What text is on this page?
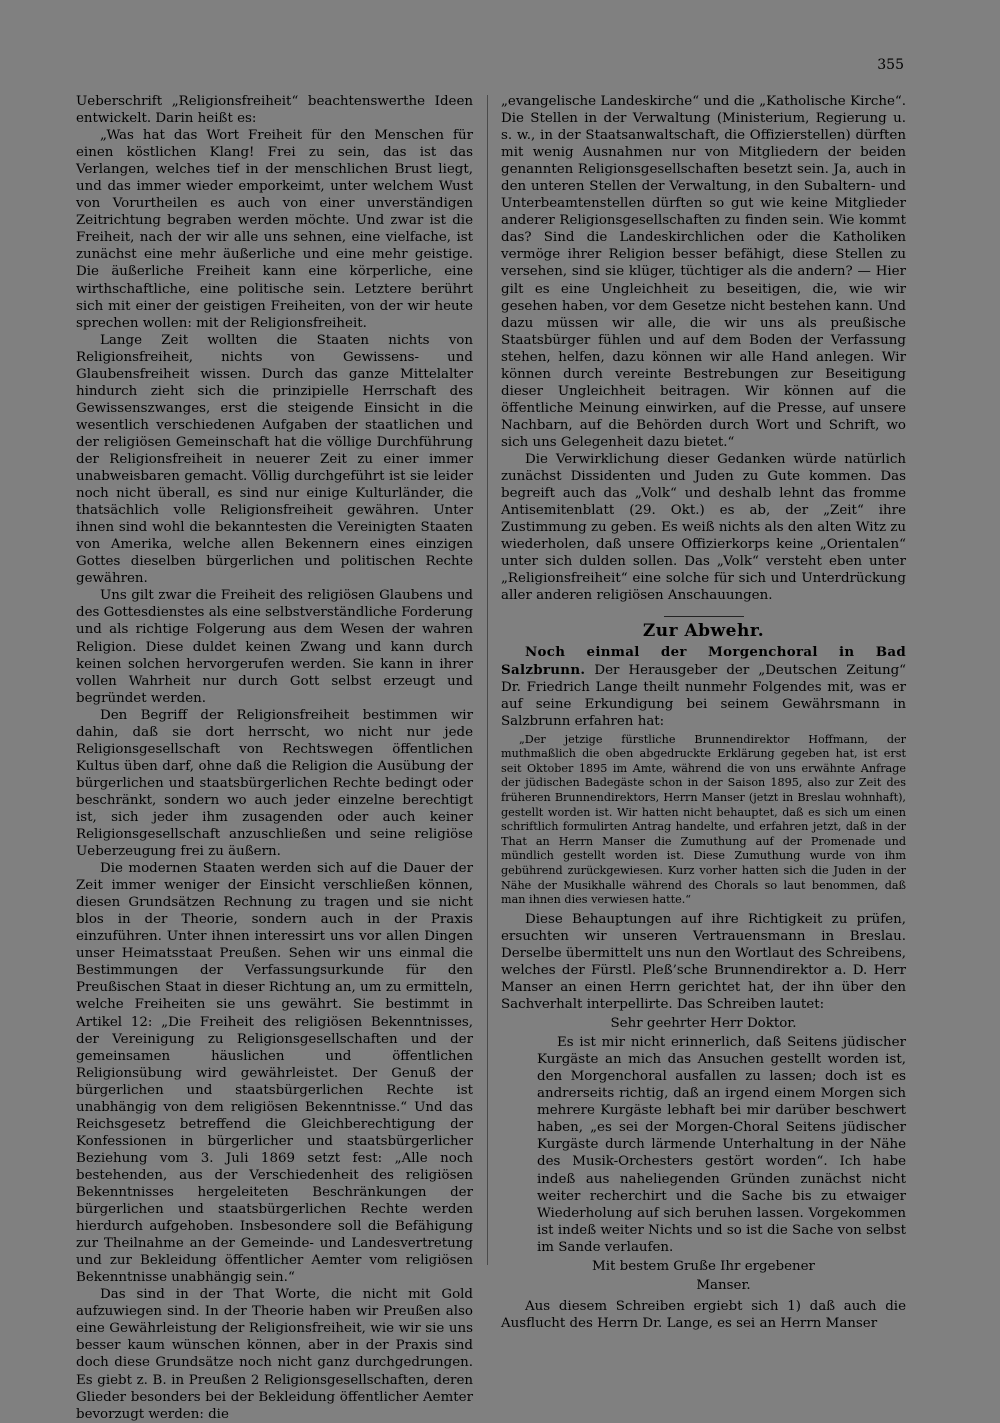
355

Ueberschrift „Religionsfreiheit“ beachtenswerthe Ideen entwickelt. Darin heißt es:

„Was hat das Wort Freiheit für den Menschen für einen köstlichen Klang! Frei zu sein, das ist das Verlangen, welches tief in der menschlichen Brust liegt, und das immer wieder emporkeimt, unter welchem Wust von Vorurtheilen es auch von einer unverständigen Zeitrichtung begraben werden möchte. Und zwar ist die Freiheit, nach der wir alle uns sehnen, eine vielfache, ist zunächst eine mehr äußerliche und eine mehr geistige. Die äußerliche Freiheit kann eine körperliche, eine wirthschaftliche, eine politische sein. Letztere berührt sich mit einer der geistigen Freiheiten, von der wir heute sprechen wollen: mit der Religionsfreiheit.

Lange Zeit wollten die Staaten nichts von Religionsfreiheit, nichts von Gewissens- und Glaubensfreiheit wissen. Durch das ganze Mittelalter hindurch zieht sich die prinzipielle Herrschaft des Gewissenszwanges, erst die steigende Einsicht in die wesentlich verschiedenen Aufgaben der staatlichen und der religiösen Gemeinschaft hat die völlige Durchführung der Religionsfreiheit in neuerer Zeit zu einer immer unabweisbaren gemacht. Völlig durchgeführt ist sie leider noch nicht überall, es sind nur einige Kulturländer, die thatsächlich volle Religionsfreiheit gewähren. Unter ihnen sind wohl die bekanntesten die Vereinigten Staaten von Amerika, welche allen Bekennern eines einzigen Gottes dieselben bürgerlichen und politischen Rechte gewähren.

Uns gilt zwar die Freiheit des religiösen Glaubens und des Gottesdienstes als eine selbstverständliche Forderung und als richtige Folgerung aus dem Wesen der wahren Religion. Diese duldet keinen Zwang und kann durch keinen solchen hervorgerufen werden. Sie kann in ihrer vollen Wahrheit nur durch Gott selbst erzeugt und begründet werden.

Den Begriff der Religionsfreiheit bestimmen wir dahin, daß sie dort herrscht, wo nicht nur jede Religionsgesellschaft von Rechtswegen öffentlichen Kultus üben darf, ohne daß die Religion die Ausübung der bürgerlichen und staatsbürgerlichen Rechte bedingt oder beschränkt, sondern wo auch jeder einzelne berechtigt ist, sich jeder ihm zusagenden oder auch keiner Religionsgesellschaft anzuschließen und seine religiöse Ueberzeugung frei zu äußern.

Die modernen Staaten werden sich auf die Dauer der Zeit immer weniger der Einsicht verschließen können, diesen Grundsätzen Rechnung zu tragen und sie nicht blos in der Theorie, sondern auch in der Praxis einzuführen. Unter ihnen interessirt uns vor allen Dingen unser Heimatsstaat Preußen. Sehen wir uns einmal die Bestimmungen der Verfassungsurkunde für den Preußischen Staat in dieser Richtung an, um zu ermitteln, welche Freiheiten sie uns gewährt. Sie bestimmt in Artikel 12: „Die Freiheit des religiösen Bekenntnisses, der Vereinigung zu Religionsgesellschaften und der gemeinsamen häuslichen und öffentlichen Religionsübung wird gewährleistet. Der Genuß der bürgerlichen und staatsbürgerlichen Rechte ist unabhängig von dem religiösen Bekenntnisse.“ Und das Reichsgesetz betreffend die Gleichberechtigung der Konfessionen in bürgerlicher und staatsbürgerlicher Beziehung vom 3. Juli 1869 setzt fest: „Alle noch bestehenden, aus der Verschiedenheit des religiösen Bekenntnisses hergeleiteten Beschränkungen der bürgerlichen und staatsbürgerlichen Rechte werden hierdurch aufgehoben. Insbesondere soll die Befähigung zur Theilnahme an der Gemeinde- und Landesvertretung und zur Bekleidung öffentlicher Aemter vom religiösen Bekenntnisse unabhängig sein.“

Das sind in der That Worte, die nicht mit Gold aufzuwiegen sind. In der Theorie haben wir Preußen also eine Gewährleistung der Religionsfreiheit, wie wir sie uns besser kaum wünschen können, aber in der Praxis sind doch diese Grundsätze noch nicht ganz durchgedrungen. Es giebt z. B. in Preußen 2 Religionsgesellschaften, deren Glieder besonders bei der Bekleidung öffentlicher Aemter bevorzugt werden: die

„evangelische Landeskirche“ und die „Katholische Kirche“. Die Stellen in der Verwaltung (Ministerium, Regierung u. s. w., in der Staatsanwaltschaft, die Offizierstellen) dürften mit wenig Ausnahmen nur von Mitgliedern der beiden genannten Religionsgesellschaften besetzt sein. Ja, auch in den unteren Stellen der Verwaltung, in den Subaltern- und Unterbeamtenstellen dürften so gut wie keine Mitglieder anderer Religionsgesellschaften zu finden sein. Wie kommt das? Sind die Landeskirchlichen oder die Katholiken vermöge ihrer Religion besser befähigt, diese Stellen zu versehen, sind sie klüger, tüchtiger als die andern? — Hier gilt es eine Ungleichheit zu beseitigen, die, wie wir gesehen haben, vor dem Gesetze nicht bestehen kann. Und dazu müssen wir alle, die wir uns als preußische Staatsbürger fühlen und auf dem Boden der Verfassung stehen, helfen, dazu können wir alle Hand anlegen. Wir können durch vereinte Bestrebungen zur Beseitigung dieser Ungleichheit beitragen. Wir können auf die öffentliche Meinung einwirken, auf die Presse, auf unsere Nachbarn, auf die Behörden durch Wort und Schrift, wo sich uns Gelegenheit dazu bietet.“

Die Verwirklichung dieser Gedanken würde natürlich zunächst Dissidenten und Juden zu Gute kommen. Das begreift auch das „Volk“ und deshalb lehnt das fromme Antisemitenblatt (29. Okt.) es ab, der „Zeit“ ihre Zustimmung zu geben. Es weiß nichts als den alten Witz zu wiederholen, daß unsere Offizierkorps keine „Orientalen“ unter sich dulden sollen. Das „Volk“ versteht eben unter „Religionsfreiheit“ eine solche für sich und Unterdrückung aller anderen religiösen Anschauungen.

Zur Abwehr.

Noch einmal der Morgenchoral in Bad Salzbrunn. Der Herausgeber der „Deutschen Zeitung“ Dr. Friedrich Lange theilt nunmehr Folgendes mit, was er auf seine Erkundigung bei seinem Gewährsmann in Salzbrunn erfahren hat:

„Der jetzige fürstliche Brunnendirektor Hoffmann, der muthmaßlich die oben abgedruckte Erklärung gegeben hat, ist erst seit Oktober 1895 im Amte, während die von uns erwähnte Anfrage der jüdischen Badegäste schon in der Saison 1895, also zur Zeit des früheren Brunnendirektors, Herrn Manser (jetzt in Breslau wohnhaft), gestellt worden ist. Wir hatten nicht behauptet, daß es sich um einen schriftlich formulirten Antrag handelte, und erfahren jetzt, daß in der That an Herrn Manser die Zumuthung auf der Promenade und mündlich gestellt worden ist. Diese Zumuthung wurde von ihm gebührend zurückgewiesen. Kurz vorher hatten sich die Juden in der Nähe der Musikhalle während des Chorals so laut benommen, daß man ihnen dies verwiesen hatte.“

Diese Behauptungen auf ihre Richtigkeit zu prüfen, ersuchten wir unseren Vertrauensmann in Breslau. Derselbe übermittelt uns nun den Wortlaut des Schreibens, welches der Fürstl. Pleß’sche Brunnendirektor a. D. Herr Manser an einen Herrn gerichtet hat, der ihn über den Sachverhalt interpellirte. Das Schreiben lautet:

Sehr geehrter Herr Doktor.

Es ist mir nicht erinnerlich, daß Seitens jüdischer Kurgäste an mich das Ansuchen gestellt worden ist, den Morgenchoral ausfallen zu lassen; doch ist es andrerseits richtig, daß an irgend einem Morgen sich mehrere Kurgäste lebhaft bei mir darüber beschwert haben, „es sei der Morgen-Choral Seitens jüdischer Kurgäste durch lärmende Unterhaltung in der Nähe des Musik-Orchesters gestört worden“. Ich habe indeß aus naheliegenden Gründen zunächst nicht weiter recherchirt und die Sache bis zu etwaiger Wiederholung auf sich beruhen lassen. Vorgekommen ist indeß weiter Nichts und so ist die Sache von selbst im Sande verlaufen.

Mit bestem Gruße Ihr ergebener
Manser.

Aus diesem Schreiben ergiebt sich 1) daß auch die Ausflucht des Herrn Dr. Lange, es sei an Herrn Manser
